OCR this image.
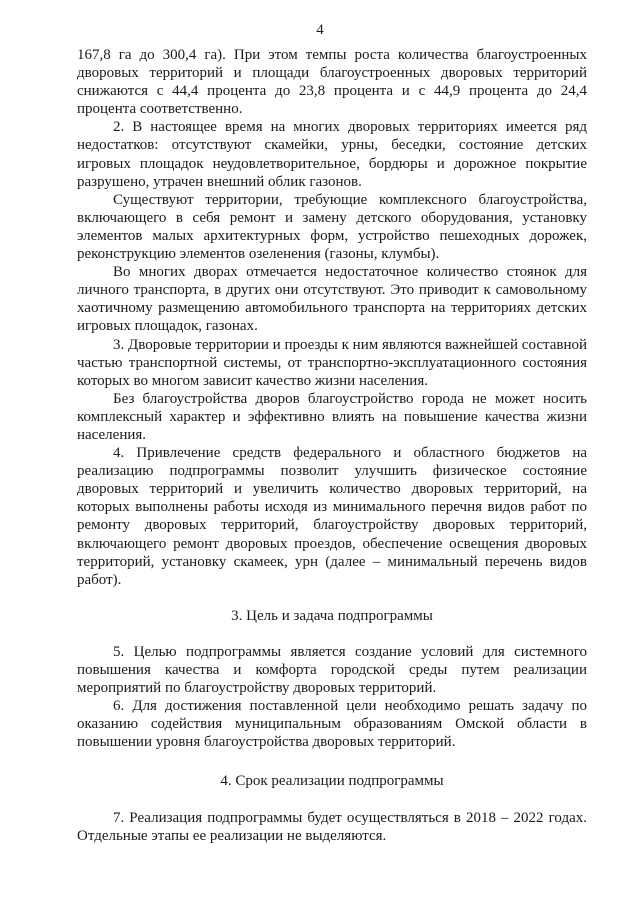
4

167,8 га до 300,4 га). При этом темпы роста количества благоустроенных дворовых территорий и площади благоустроенных дворовых территорий снижаются с 44,4 процента до 23,8 процента и с 44,9 процента до 24,4 процента соответственно.

2. В настоящее время на многих дворовых территориях имеется ряд недостатков: отсутствуют скамейки, урны, беседки, состояние детских игровых площадок неудовлетворительное, бордюры и дорожное покрытие разрушено, утрачен внешний облик газонов.

Существуют территории, требующие комплексного благоустройства, включающего в себя ремонт и замену детского оборудования, установку элементов малых архитектурных форм, устройство пешеходных дорожек, реконструкцию элементов озеленения (газоны, клумбы).

Во многих дворах отмечается недостаточное количество стоянок для личного транспорта, в других они отсутствуют. Это приводит к самовольному хаотичному размещению автомобильного транспорта на территориях детских игровых площадок, газонах.

3. Дворовые территории и проезды к ним являются важнейшей составной частью транспортной системы, от транспортно-эксплуатационного состояния которых во многом зависит качество жизни населения.

Без благоустройства дворов благоустройство города не может носить комплексный характер и эффективно влиять на повышение качества жизни населения.

4. Привлечение средств федерального и областного бюджетов на реализацию подпрограммы позволит улучшить физическое состояние дворовых территорий и увеличить количество дворовых территорий, на которых выполнены работы исходя из минимального перечня видов работ по ремонту дворовых территорий, благоустройству дворовых территорий, включающего ремонт дворовых проездов, обеспечение освещения дворовых территорий, установку скамеек, урн (далее – минимальный перечень видов работ).

3. Цель и задача подпрограммы

5. Целью подпрограммы является создание условий для системного повышения качества и комфорта городской среды путем реализации мероприятий по благоустройству дворовых территорий.

6. Для достижения поставленной цели необходимо решать задачу по оказанию содействия муниципальным образованиям Омской области в повышении уровня благоустройства дворовых территорий.

4. Срок реализации подпрограммы

7. Реализация подпрограммы будет осуществляться в 2018 – 2022 годах. Отдельные этапы ее реализации не выделяются.
